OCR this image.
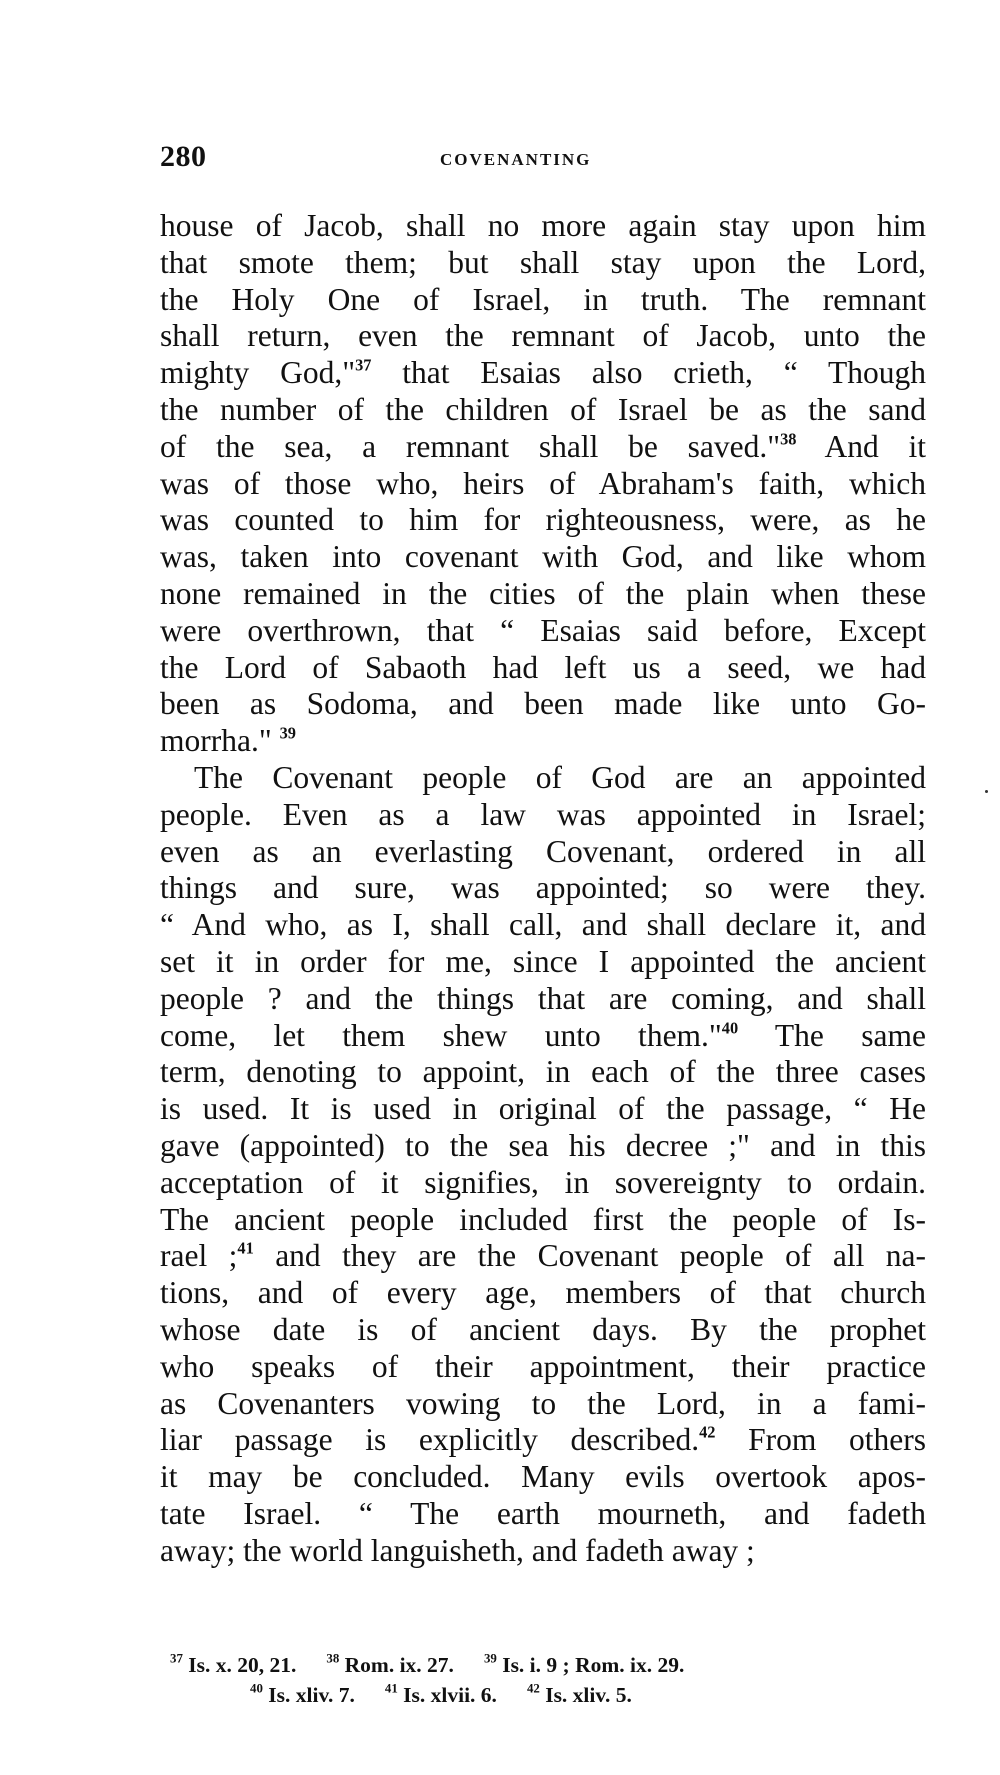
280	COVENANTING
house of Jacob, shall no more again stay upon him
that smote them; but shall stay upon the Lord,
the Holy One of Israel, in truth. The remnant
shall return, even the remnant of Jacob, unto the
mighty God,"$^{37}$ that Esaias also crieth, “ Though
the number of the children of Israel be as the sand
of the sea, a remnant shall be saved."$^{38}$ And it
was of those who, heirs of Abraham's faith, which
was counted to him for righteousness, were, as he
was, taken into covenant with God, and like whom
none remained in the cities of the plain when these
were overthrown, that “ Esaias said before, Except
the Lord of Sabaoth had left us a seed, we had
been as Sodoma, and been made like unto Go-
morrha." $^{39}$
The Covenant people of God are an appointed
people. Even as a law was appointed in Israel;
even as an everlasting Covenant, ordered in all
things and sure, was appointed; so were they.
“ And who, as I, shall call, and shall declare it, and
set it in order for me, since I appointed the ancient
people ? and the things that are coming, and shall
come, let them shew unto them."$^{40}$ The same
term, denoting to appoint, in each of the three cases
is used. It is used in original of the passage, “ He
gave (appointed) to the sea his decree ;" and in this
acceptation of it signifies, in sovereignty to ordain.
The ancient people included first the people of Is-
rael ;$^{41}$ and they are the Covenant people of all na-
tions, and of every age, members of that church
whose date is of ancient days. By the prophet
who speaks of their appointment, their practice
as Covenanters vowing to the Lord, in a fami-
liar passage is explicitly described.$^{42}$ From others
it may be concluded. Many evils overtook apos-
tate Israel. “ The earth mourneth, and fadeth
away; the world languisheth, and fadeth away ;
$^{37}$ Is. x. 20, 21. $^{38}$ Rom. ix. 27. $^{39}$ Is. i. 9 ; Rom. ix. 29.
$^{40}$ Is. xliv. 7. $^{41}$ Is. xlvii. 6. $^{42}$ Is. xliv. 5.
